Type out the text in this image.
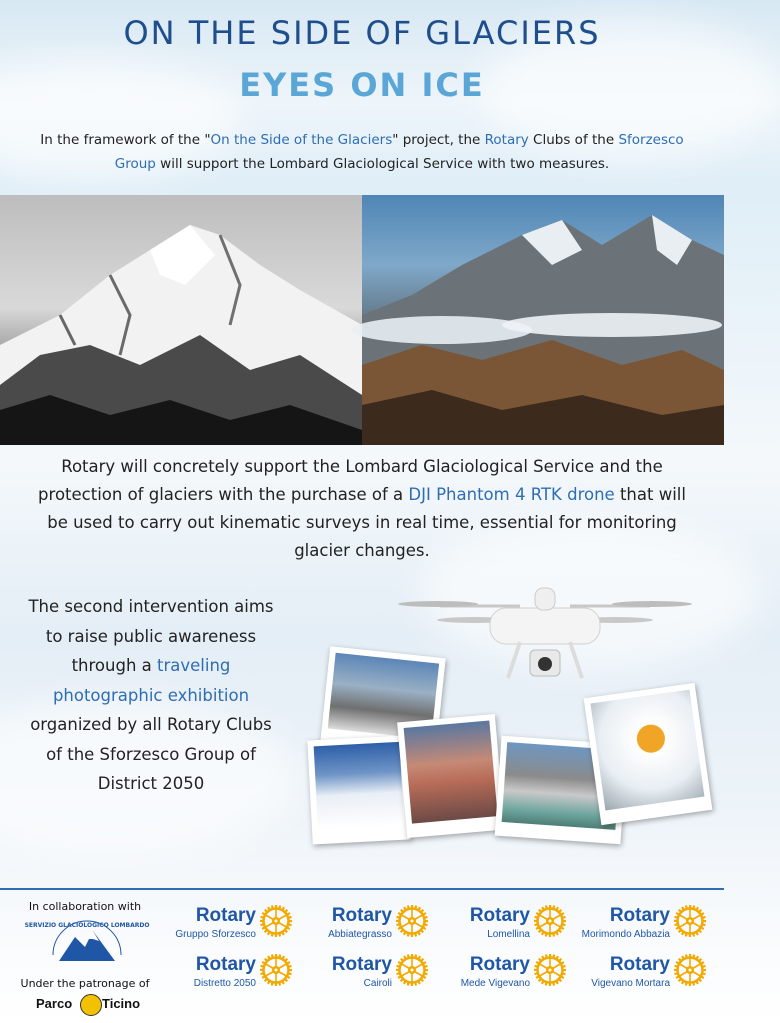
ON THE SIDE OF GLACIERS
EYES ON ICE

In the framework of the "On the Side of the Glaciers" project, the Rotary Clubs of the Sforzesco Group will support the Lombard Glaciological Service with two measures.

Rotary will concretely support the Lombard Glaciological Service and the protection of glaciers with the purchase of a DJI Phantom 4 RTK drone that will be used to carry out kinematic surveys in real time, essential for monitoring glacier changes.

The second intervention aims to raise public awareness through a traveling photographic exhibition organized by all Rotary Clubs of the Sforzesco Group of District 2050

In collaboration with
SERVIZIO GLACIOLOGICO LOMBARDO
Under the patronage of
Parco Ticino
Rotary
Gruppo Sforzesco
Rotary
Abbiategrasso
Rotary
Lomellina
Rotary
Morimondo Abbazia
Rotary
Distretto 2050
Rotary
Cairoli
Rotary
Mede Vigevano
Rotary
Vigevano Mortara
